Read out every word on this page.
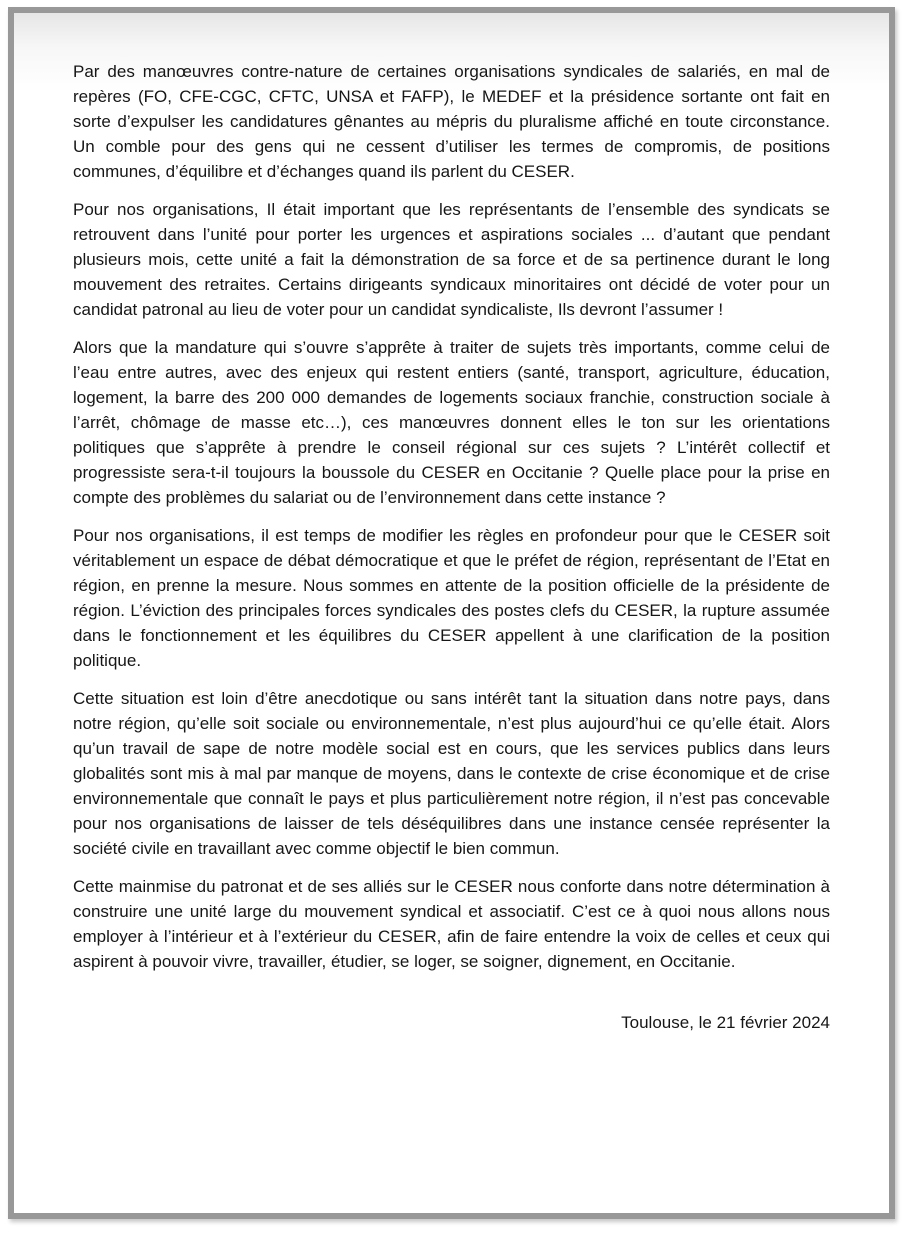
Par des manœuvres contre-nature de certaines organisations syndicales de salariés, en mal de repères (FO, CFE-CGC, CFTC, UNSA et FAFP), le MEDEF et la présidence sortante ont fait en sorte d’expulser les candidatures gênantes au mépris du pluralisme affiché en toute circonstance. Un comble pour des gens qui ne cessent d’utiliser les termes de compromis, de positions communes, d’équilibre et d’échanges quand ils parlent du CESER.

Pour nos organisations, Il était important que les représentants de l’ensemble des syndicats se retrouvent dans l’unité pour porter les urgences et aspirations sociales ... d’autant que pendant plusieurs mois, cette unité a fait la démonstration de sa force et de sa pertinence durant le long mouvement des retraites. Certains dirigeants syndicaux minoritaires ont décidé de voter pour un candidat patronal au lieu de voter pour un candidat syndicaliste, Ils devront l’assumer !

Alors que la mandature qui s’ouvre s’apprête à traiter de sujets très importants, comme celui de l’eau entre autres, avec des enjeux qui restent entiers (santé, transport, agriculture, éducation, logement, la barre des 200 000 demandes de logements sociaux franchie, construction sociale à l’arrêt, chômage de masse etc…), ces manœuvres donnent elles le ton sur les orientations politiques que s’apprête à prendre le conseil régional sur ces sujets ? L’intérêt collectif et progressiste sera-t-il toujours la boussole du CESER en Occitanie ? Quelle place pour la prise en compte des problèmes du salariat ou de l’environnement dans cette instance ?

Pour nos organisations, il est temps de modifier les règles en profondeur pour que le CESER soit véritablement un espace de débat démocratique et que le préfet de région, représentant de l’Etat en région, en prenne la mesure. Nous sommes en attente de la position officielle de la présidente de région. L’éviction des principales forces syndicales des postes clefs du CESER, la rupture assumée dans le fonctionnement et les équilibres du CESER appellent à une clarification de la position politique.

Cette situation est loin d’être anecdotique ou sans intérêt tant la situation dans notre pays, dans notre région, qu’elle soit sociale ou environnementale, n’est plus aujourd’hui ce qu’elle était. Alors qu’un travail de sape de notre modèle social est en cours, que les services publics dans leurs globalités sont mis à mal par manque de moyens, dans le contexte de crise économique et de crise environnementale que connaît le pays et plus particulièrement notre région, il n’est pas concevable pour nos organisations de laisser de tels déséquilibres dans une instance censée représenter la société civile en travaillant avec comme objectif le bien commun.

Cette mainmise du patronat et de ses alliés sur le CESER nous conforte dans notre détermination à construire une unité large du mouvement syndical et associatif. C’est ce à quoi nous allons nous employer à l’intérieur et à l’extérieur du CESER, afin de faire entendre la voix de celles et ceux qui aspirent à pouvoir vivre, travailler, étudier, se loger, se soigner, dignement, en Occitanie.

Toulouse, le 21 février 2024
